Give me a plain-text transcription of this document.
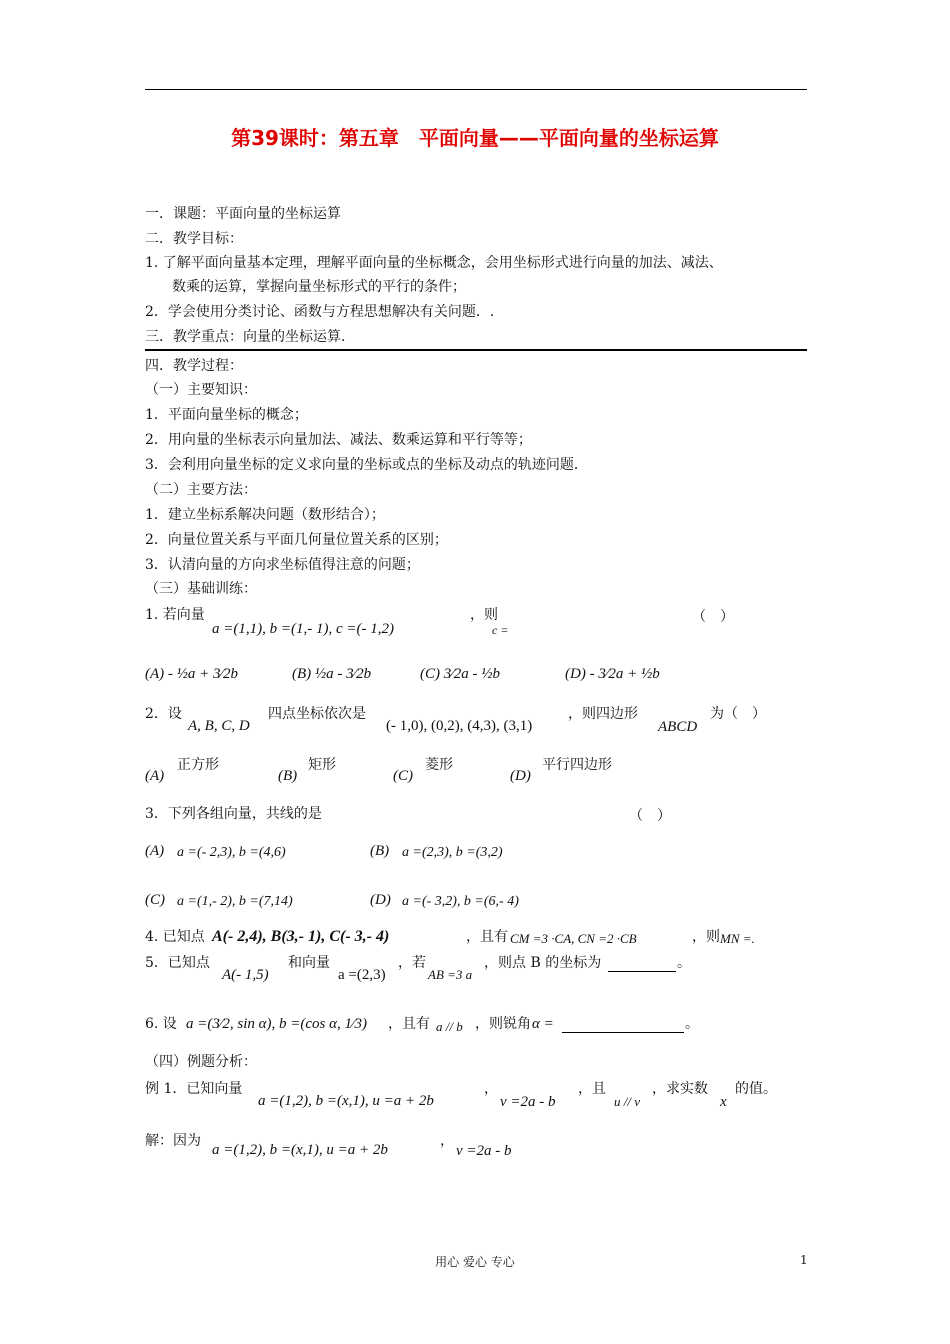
第39课时：第五章　平面向量——平面向量的坐标运算
一．课题：平面向量的坐标运算
二．教学目标：
1. 了解平面向量基本定理，理解平面向量的坐标概念，会用坐标形式进行向量的加法、减法、
数乘的运算，掌握向量坐标形式的平行的条件；
2．学会使用分类讨论、函数与方程思想解决有关问题．.
三．教学重点：向量的坐标运算．
四．教学过程：
（一）主要知识：
1．平面向量坐标的概念；
2．用向量的坐标表示向量加法、减法、数乘运算和平行等等；
3．会利用向量坐标的定义求向量的坐标或点的坐标及动点的轨迹问题．
（二）主要方法：
1．建立坐标系解决问题（数形结合）；
2．向量位置关系与平面几何量位置关系的区别；
3．认清向量的方向求坐标值得注意的问题；
（三）基础训练：
1. 若向量
a =(1,1), b =(1,- 1), c =(- 1,2)
，则
c =
（　）
(A) - ½a + 3⁄2b	(B) ½a - 3⁄2b	(C) 3⁄2a - ½b	(D) - 3⁄2a + ½b
2．设
A, B, C, D
四点坐标依次是
(- 1,0), (0,2), (4,3), (3,1)
，则四边形
ABCD
为（　）
(A)
正方形
(B)
矩形
(C)
菱形
(D)
平行四边形
3．下列各组向量，共线的是	（　）
(A) a =(- 2,3), b =(4,6)	(B) a =(2,3), b =(3,2)
(C) a =(1,- 2), b =(7,14)	(D) a =(- 3,2), b =(6,- 4)
4. 已知点 A(- 2,4), B(3,- 1), C(- 3,- 4)	，且有 CM =3 ·CA, CN =2 ·CB	，则 MN =.
5．已知点
A(- 1,5)
和向量
a =(2,3)
，若
AB =3 a
，则点 B 的坐标为	。
6. 设 a =(3⁄2, sin α), b =(cos α, 1⁄3) ，且有 a // b ，则锐角 α =	。
（四）例题分析：
例 1．已知向量
a =(1,2), b =(x,1), u =a + 2b
，
v =2a - b
，且
u // v
，求实数
x
的值。
解：因为
a =(1,2), b =(x,1), u =a + 2b
，
v =2a - b
用心 爱心 专心	1
